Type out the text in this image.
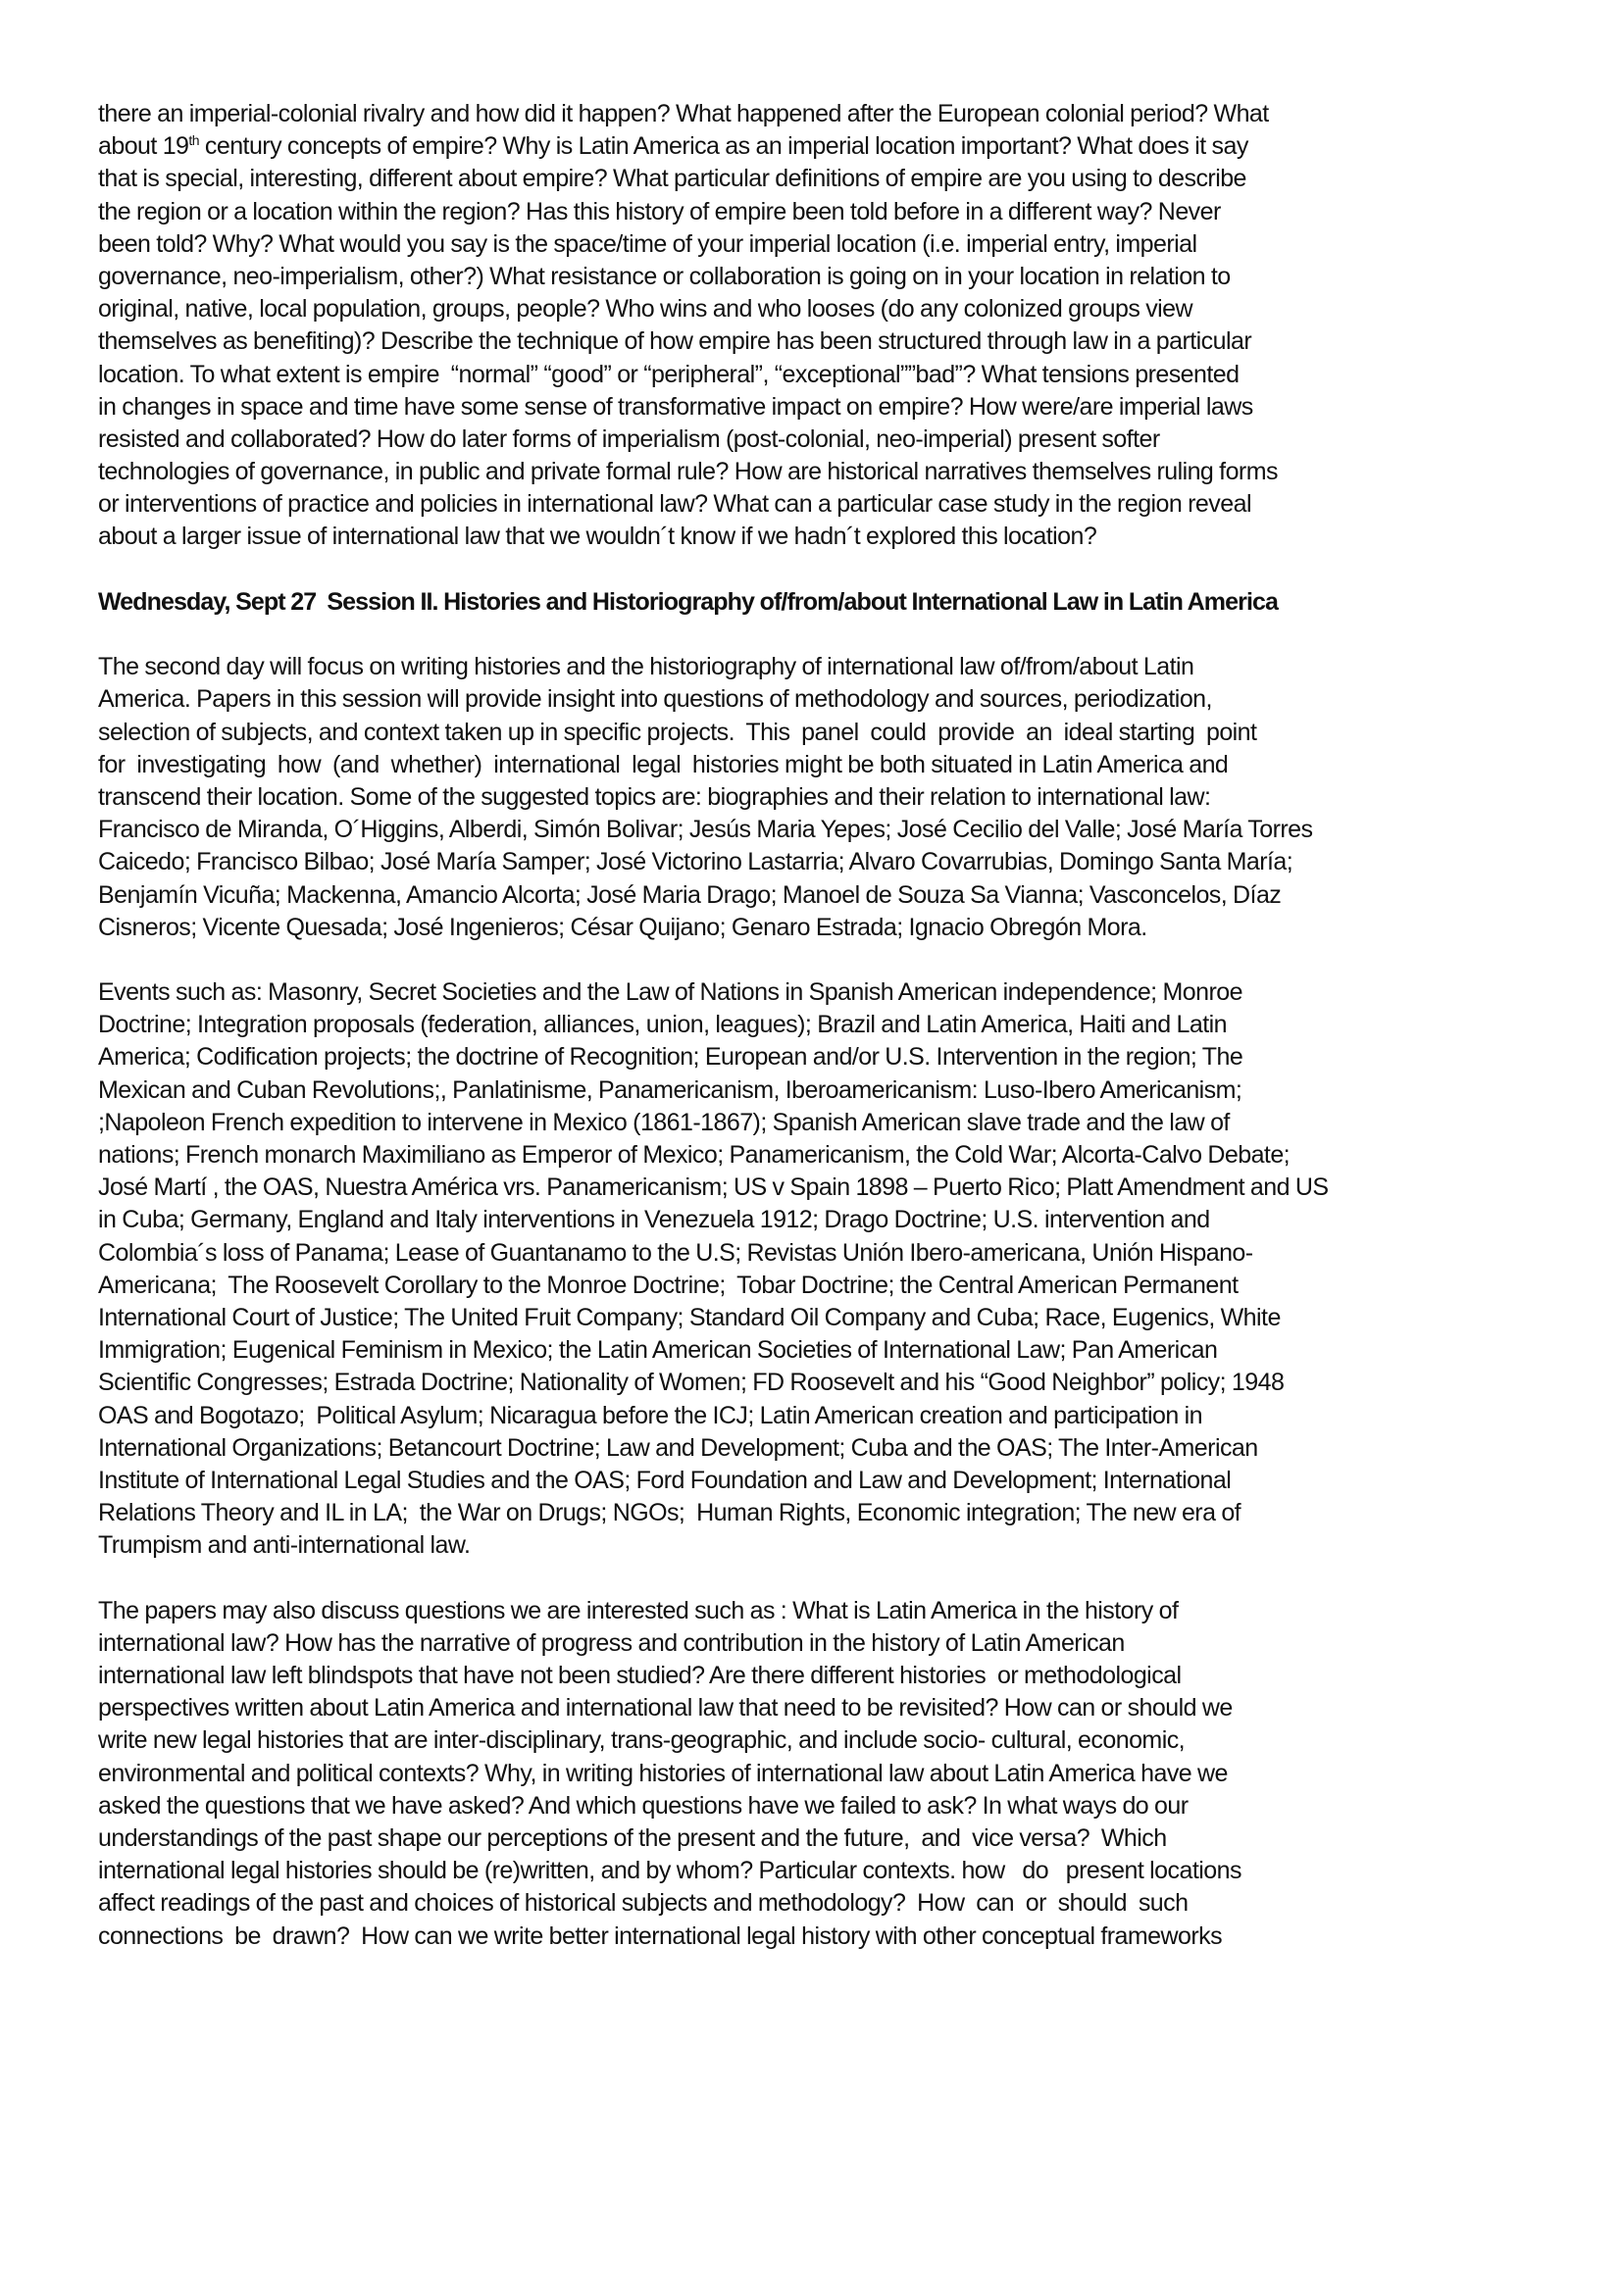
there an imperial-colonial rivalry and how did it happen? What happened after the European colonial period? What
about 19th century concepts of empire? Why is Latin America as an imperial location important? What does it say
that is special, interesting, different about empire? What particular definitions of empire are you using to describe
the region or a location within the region? Has this history of empire been told before in a different way? Never
been told? Why? What would you say is the space/time of your imperial location (i.e. imperial entry, imperial
governance, neo-imperialism, other?) What resistance or collaboration is going on in your location in relation to
original, native, local population, groups, people? Who wins and who looses (do any colonized groups view
themselves as benefiting)? Describe the technique of how empire has been structured through law in a particular
location. To what extent is empire  “normal” “good” or “peripheral”, “exceptional””bad”? What tensions presented
in changes in space and time have some sense of transformative impact on empire? How were/are imperial laws
resisted and collaborated? How do later forms of imperialism (post-colonial, neo-imperial) present softer
technologies of governance, in public and private formal rule? How are historical narratives themselves ruling forms
or interventions of practice and policies in international law? What can a particular case study in the region reveal
about a larger issue of international law that we wouldn´t know if we hadn´t explored this location?
Wednesday, Sept 27  Session II. Histories and Historiography of/from/about International Law in Latin America
The second day will focus on writing histories and the historiography of international law of/from/about Latin
America. Papers in this session will provide insight into questions of methodology and sources, periodization,
selection of subjects, and context taken up in specific projects.  This  panel  could  provide  an  ideal starting  point
for  investigating  how  (and  whether)  international  legal  histories might be both situated in Latin America and
transcend their location. Some of the suggested topics are: biographies and their relation to international law:
Francisco de Miranda, O´Higgins, Alberdi, Simón Bolivar; Jesús Maria Yepes; José Cecilio del Valle; José María Torres
Caicedo; Francisco Bilbao; José María Samper; José Victorino Lastarria; Alvaro Covarrubias, Domingo Santa María;
Benjamín Vicuña; Mackenna, Amancio Alcorta; José Maria Drago; Manoel de Souza Sa Vianna; Vasconcelos, Díaz
Cisneros; Vicente Quesada; José Ingenieros; César Quijano; Genaro Estrada; Ignacio Obregón Mora.
Events such as: Masonry, Secret Societies and the Law of Nations in Spanish American independence; Monroe
Doctrine; Integration proposals (federation, alliances, union, leagues); Brazil and Latin America, Haiti and Latin
America; Codification projects; the doctrine of Recognition; European and/or U.S. Intervention in the region; The
Mexican and Cuban Revolutions;, Panlatinisme, Panamericanism, Iberoamericanism: Luso-Ibero Americanism;
;Napoleon French expedition to intervene in Mexico (1861-1867); Spanish American slave trade and the law of
nations; French monarch Maximiliano as Emperor of Mexico; Panamericanism, the Cold War; Alcorta-Calvo Debate;
José Martí , the OAS, Nuestra América vrs. Panamericanism; US v Spain 1898 – Puerto Rico; Platt Amendment and US
in Cuba; Germany, England and Italy interventions in Venezuela 1912; Drago Doctrine; U.S. intervention and
Colombia´s loss of Panama; Lease of Guantanamo to the U.S; Revistas Unión Ibero-americana, Unión Hispano-
Americana;  The Roosevelt Corollary to the Monroe Doctrine;  Tobar Doctrine; the Central American Permanent
International Court of Justice; The United Fruit Company; Standard Oil Company and Cuba; Race, Eugenics, White
Immigration; Eugenical Feminism in Mexico; the Latin American Societies of International Law; Pan American
Scientific Congresses; Estrada Doctrine; Nationality of Women; FD Roosevelt and his “Good Neighbor” policy; 1948
OAS and Bogotazo;  Political Asylum; Nicaragua before the ICJ; Latin American creation and participation in
International Organizations; Betancourt Doctrine; Law and Development; Cuba and the OAS; The Inter-American
Institute of International Legal Studies and the OAS; Ford Foundation and Law and Development; International
Relations Theory and IL in LA;  the War on Drugs; NGOs;  Human Rights, Economic integration; The new era of
Trumpism and anti-international law.
The papers may also discuss questions we are interested such as : What is Latin America in the history of
international law? How has the narrative of progress and contribution in the history of Latin American
international law left blindspots that have not been studied? Are there different histories  or methodological
perspectives written about Latin America and international law that need to be revisited? How can or should we
write new legal histories that are inter-disciplinary, trans-geographic, and include socio- cultural, economic,
environmental and political contexts? Why, in writing histories of international law about Latin America have we
asked the questions that we have asked? And which questions have we failed to ask? In what ways do our
understandings of the past shape our perceptions of the present and the future,  and  vice versa?  Which
international legal histories should be (re)written, and by whom? Particular contexts. how   do   present locations
affect readings of the past and choices of historical subjects and methodology?  How  can  or  should  such
connections  be  drawn?  How can we write better international legal history with other conceptual frameworks
